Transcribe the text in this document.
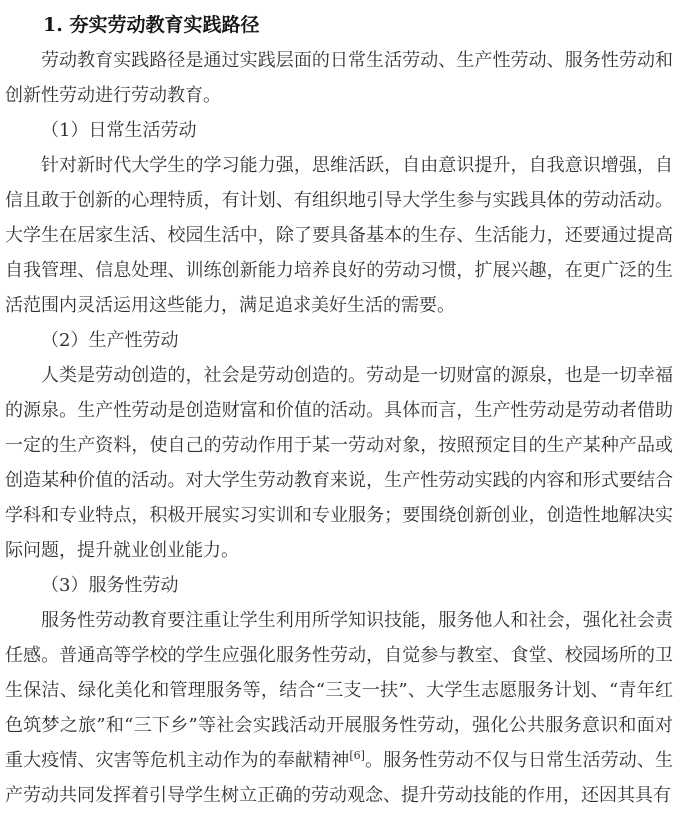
1. 夯实劳动教育实践路径

劳动教育实践路径是通过实践层面的日常生活劳动、生产性劳动、服务性劳动和创新性劳动进行劳动教育。

（1）日常生活劳动

针对新时代大学生的学习能力强，思维活跃，自由意识提升，自我意识增强，自信且敢于创新的心理特质，有计划、有组织地引导大学生参与实践具体的劳动活动。大学生在居家生活、校园生活中，除了要具备基本的生存、生活能力，还要通过提高自我管理、信息处理、训练创新能力培养良好的劳动习惯，扩展兴趣，在更广泛的生活范围内灵活运用这些能力，满足追求美好生活的需要。

（2）生产性劳动

人类是劳动创造的，社会是劳动创造的。劳动是一切财富的源泉，也是一切幸福的源泉。生产性劳动是创造财富和价值的活动。具体而言，生产性劳动是劳动者借助一定的生产资料，使自己的劳动作用于某一劳动对象，按照预定目的生产某种产品或创造某种价值的活动。对大学生劳动教育来说，生产性劳动实践的内容和形式要结合学科和专业特点，积极开展实习实训和专业服务；要围绕创新创业，创造性地解决实际问题，提升就业创业能力。

（3）服务性劳动

服务性劳动教育要注重让学生利用所学知识技能，服务他人和社会，强化社会责任感。普通高等学校的学生应强化服务性劳动，自觉参与教室、食堂、校园场所的卫生保洁、绿化美化和管理服务等，结合“三支一扶”、大学生志愿服务计划、“青年红色筑梦之旅”和“三下乡”等社会实践活动开展服务性劳动，强化公共服务意识和面对重大疫情、灾害等危机主动作为的奉献精神[6]。服务性劳动不仅与日常生活劳动、生产劳动共同发挥着引导学生树立正确的劳动观念、提升劳动技能的作用，还因其具有
